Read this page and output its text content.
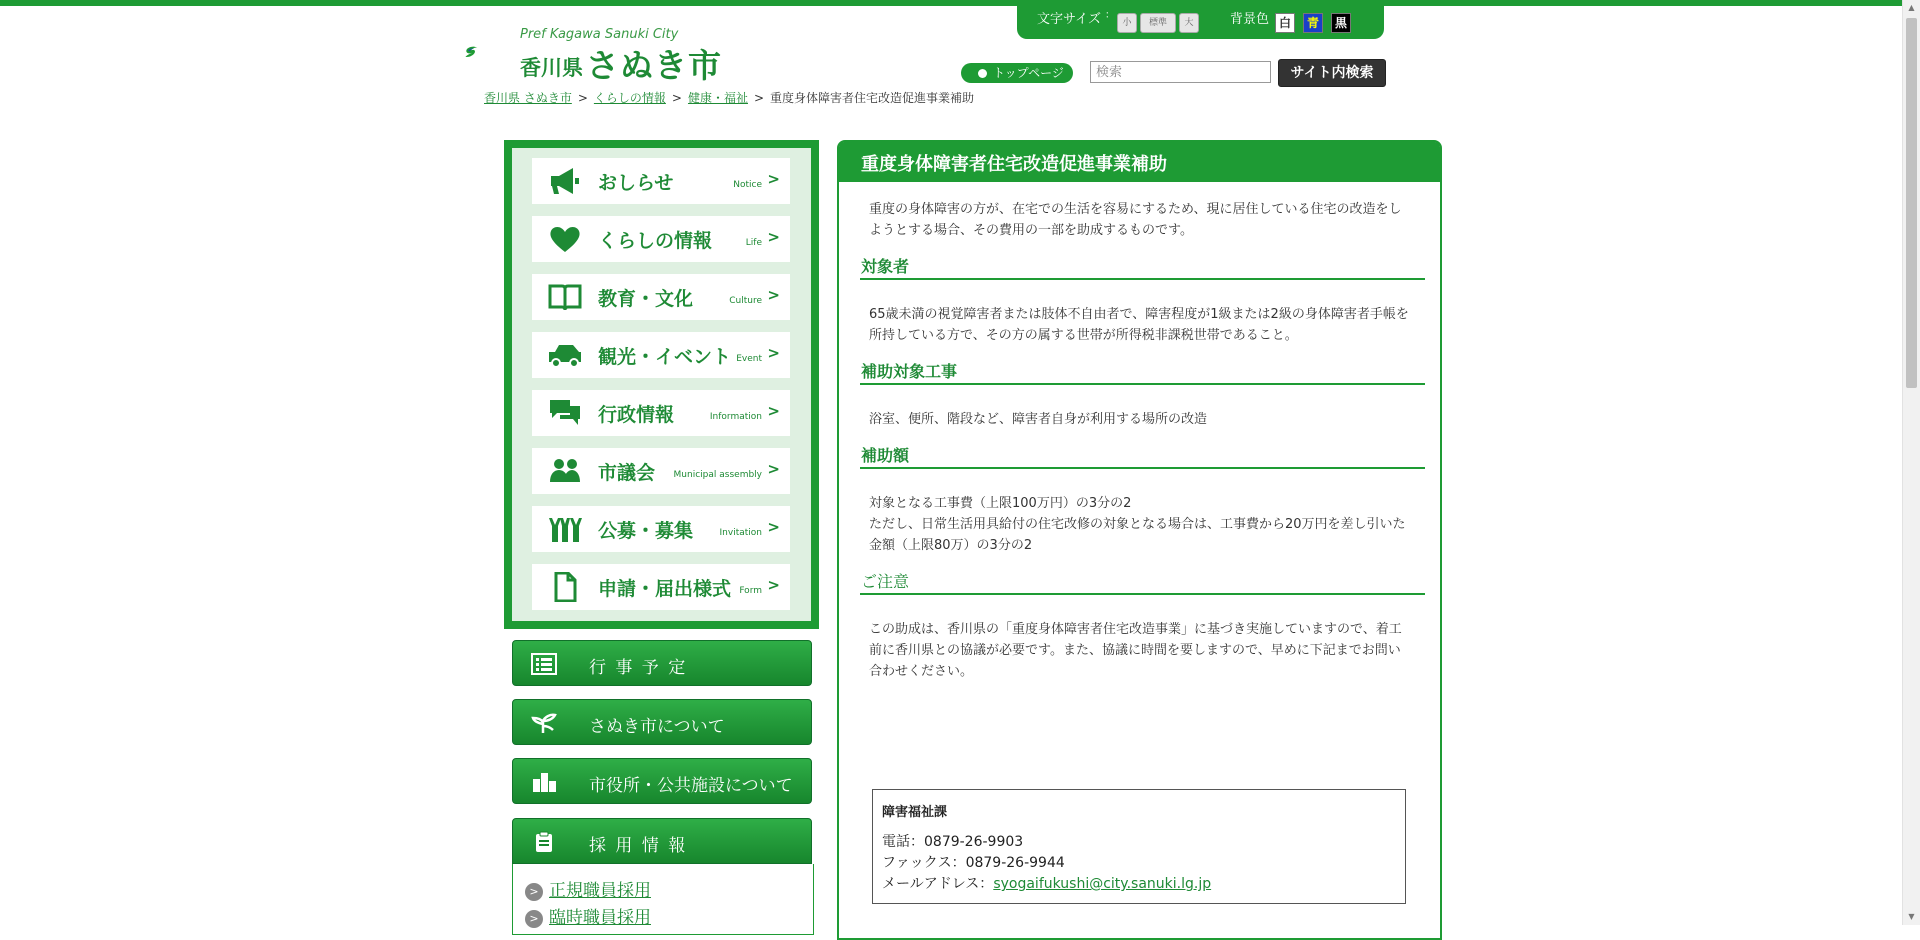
Pref Kagawa Sanuki City
香川県 さぬき市
文字サイズ ：
小	標準	大	背景色 白	青	黒
トップページ
検索	サイト内検索
香川県 さぬき市 > くらしの情報 > 健康・福祉 > 重度身体障害者住宅改造促進事業補助
おしらせ	Notice >
くらしの情報	Life >
教育・文化	Culture >
観光・イベント Event >
行政情報	Information >
市議会 Municipal assembly >
公募・募集	Invitation >
申請・届出様式 Form >
行 事 予 定
さぬき市について
市役所・公共施設について
採 用 情 報
> 正規職員採用
> 臨時職員採用
重度身体障害者住宅改造促進事業補助
重度の身体障害の方が、在宅での生活を容易にするため、現に居住している住宅の改造をしようとする場合、その費用の一部を助成するものです。
対象者
65歳未満の視覚障害者または肢体不自由者で、障害程度が1級または2級の身体障害者手帳を所持している方で、その方の属する世帯が所得税非課税世帯であること。
補助対象工事
浴室、便所、階段など、障害者自身が利用する場所の改造
補助額
対象となる工事費（上限100万円）の3分の2
ただし、日常生活用具給付の住宅改修の対象となる場合は、工事費から20万円を差し引いた金額（上限80万）の3分の2
ご注意
この助成は、香川県の「重度身体障害者住宅改造事業」に基づき実施していますので、着工前に香川県との協議が必要です。また、協議に時間を要しますので、早めに下記までお問い合わせください。
障害福祉課
電話：0879-26-9903
ファックス：0879-26-9944
メールアドレス：syogaifukushi@city.sanuki.lg.jp
▲
▼
